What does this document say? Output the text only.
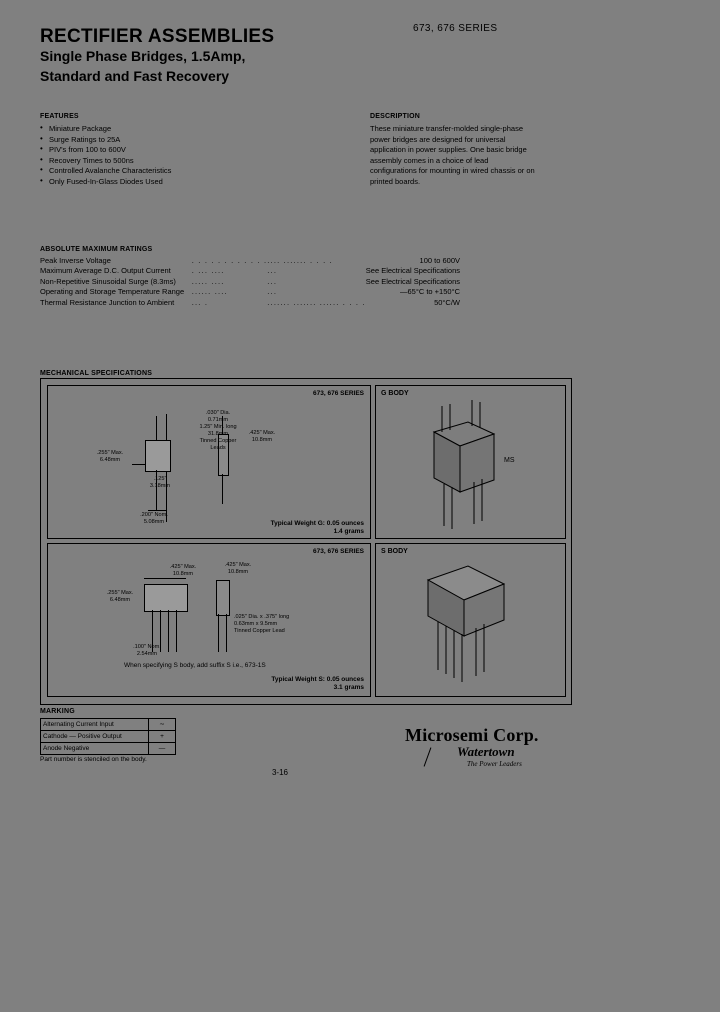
RECTIFIER ASSEMBLIES
Single Phase Bridges, 1.5Amp,
Standard and Fast Recovery
673, 676 SERIES
FEATURES
• Miniature Package
• Surge Ratings to 25A
• PIV's from 100 to 600V
• Recovery Times to 500ns
• Controlled Avalanche Characteristics
• Only Fused-In-Glass Diodes Used
DESCRIPTION

These miniature transfer-molded single-phase power bridges are designed for universal application in power supplies. One basic bridge assembly comes in a choice of lead configurations for mounting in wired chassis or on printed boards.

ABSOLUTE MAXIMUM RATINGS
Peak Inverse Voltage	. . . . . . . . . . . .	.... ....... . . . .	100 to 600V
Maximum Average D.C. Output Current	. ... ....	...	See Electrical Specifications
Non-Repetitive Sinusoidal Surge (8.3ms)	..... ....	...	See Electrical Specifications
Operating and Storage Temperature Range	...... ....	...	—65°C to +150°C
Thermal Resistance Junction to Ambient	... .	....... ....... ...... . . . .	50°C/W
MECHANICAL SPECIFICATIONS
673, 676 SERIES
.030" Dia.
0.71mm
1.25" Min. long
31.8mm
Tinned Copper
Leads
.255" Max.
6.48mm
.125"
3.18mm
.200" Nom.
5.08mm
.425" Max.
10.8mm
Typical Weight G: 0.05 ounces
1.4 grams
G BODY
MS
673, 676 SERIES
.425" Max.
10.8mm
.425" Max.
10.8mm
.255" Max.
6.48mm
.025" Dia. x .375" long
0.63mm x 9.5mm
Tinned Copper Lead
.100" Nom.
2.54mm
When specifying S body, add suffix S i.e., 673-1S
Typical Weight S: 0.05 ounces
3.1 grams
S BODY
MARKING
Alternating Current Input	∼
Cathode — Positive Output	+
Anode Negative	—
Part number is stenciled on the body.
Microsemi Corp.
Watertown
The Power Leaders
3-16
